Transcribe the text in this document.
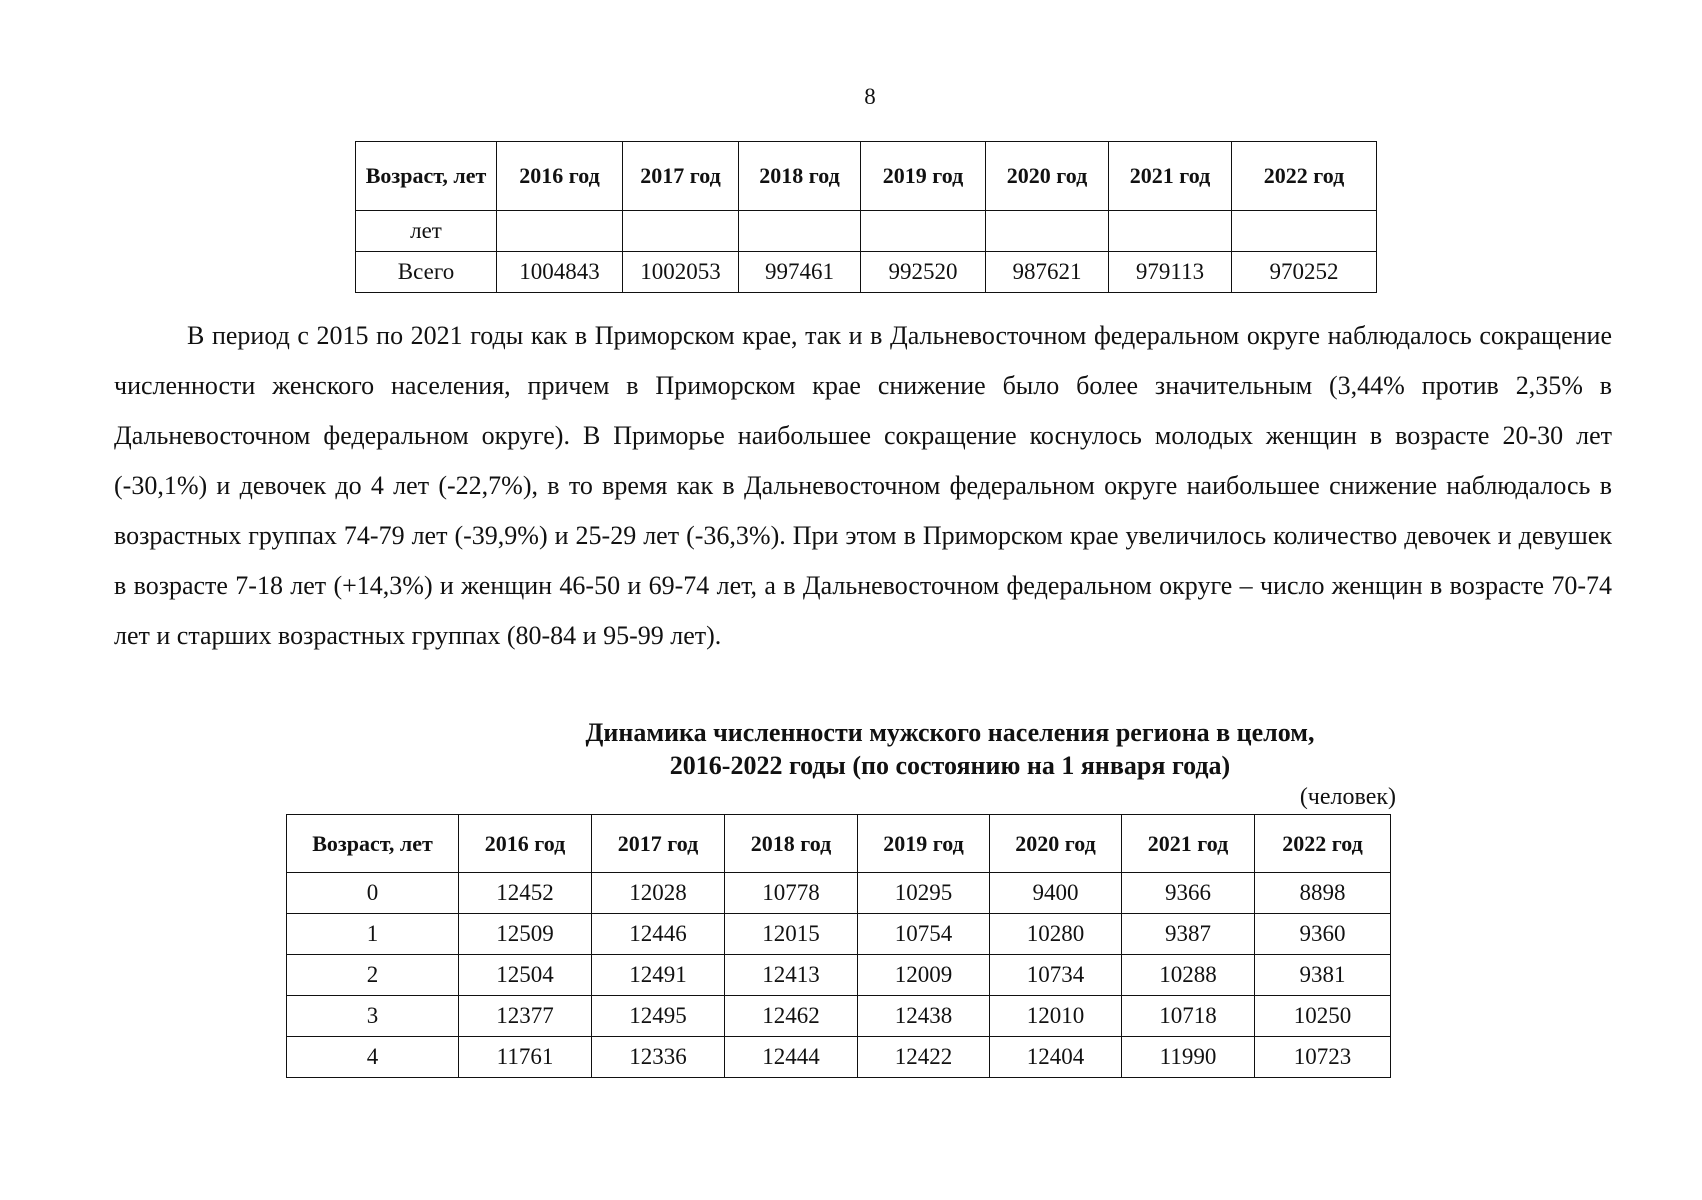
8
Возраст, лет	2016 год	2017 год	2018 год	2019 год	2020 год	2021 год	2022 год
лет							
Всего	1004843	1002053	997461	992520	987621	979113	970252

В период с 2015 по 2021 годы как в Приморском крае, так и в Дальневосточном федеральном округе наблюдалось сокращение численности женского населения, причем в Приморском крае снижение было более значительным (3,44% против 2,35% в Дальневосточном федеральном округе). В Приморье наибольшее сокращение коснулось молодых женщин в возрасте 20-30 лет (-30,1%) и девочек до 4 лет (-22,7%), в то время как в Дальневосточном федеральном округе наибольшее снижение наблюдалось в возрастных группах 74-79 лет (-39,9%) и 25-29 лет (-36,3%). При этом в Приморском крае увеличилось количество девочек и девушек в возрасте 7-18 лет (+14,3%) и женщин 46-50 и 69-74 лет, а в Дальневосточном федеральном округе – число женщин в возрасте 70-74 лет и старших возрастных группах (80-84 и 95-99 лет).

Динамика численности мужского населения региона в целом,
2016-2022 годы (по состоянию на 1 января года)
(человек)
Возраст, лет	2016 год	2017 год	2018 год	2019 год	2020 год	2021 год	2022 год
0	12452	12028	10778	10295	9400	9366	8898
1	12509	12446	12015	10754	10280	9387	9360
2	12504	12491	12413	12009	10734	10288	9381
3	12377	12495	12462	12438	12010	10718	10250
4	11761	12336	12444	12422	12404	11990	10723
